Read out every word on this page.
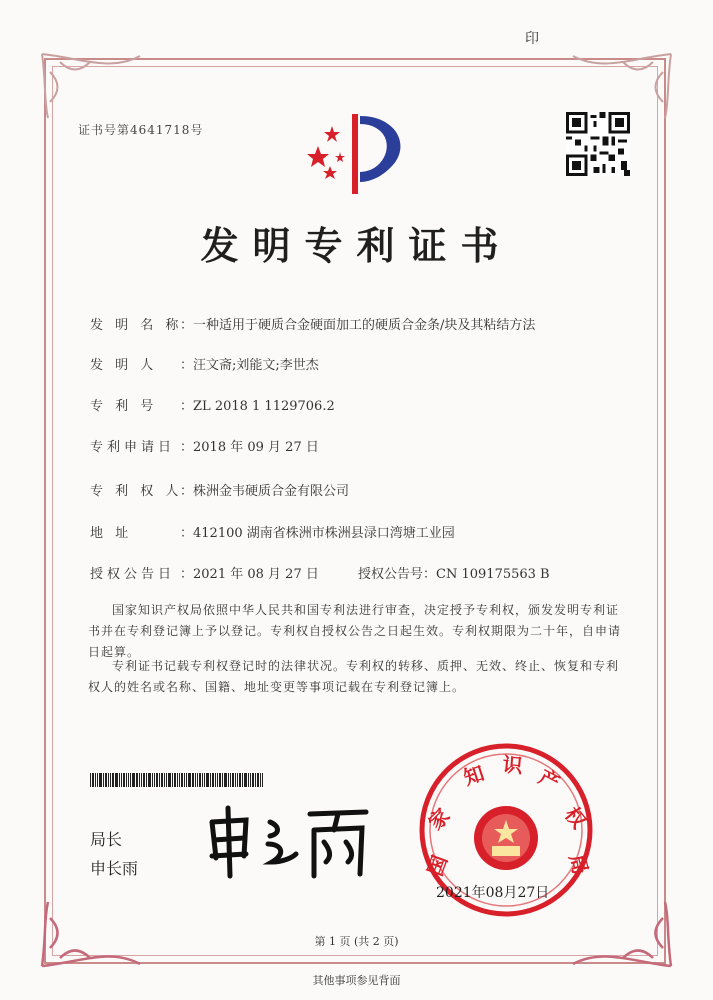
印
证书号第4641718号
发明专利证书
发 明 名 称：一种适用于硬质合金硬面加工的硬质合金条/块及其粘结方法
发 明 人 ：汪文斋;刘能文;李世杰
专 利 号 ：ZL 2018 1 1129706.2
专利申请日 ：2018 年 09 月 27 日
专 利 权 人：株洲金韦硬质合金有限公司
地 址	：412100 湖南省株洲市株洲县渌口湾塘工业园
授权公告日 ：2021 年 08 月 27 日	授权公告号：CN 109175563 B
国家知识产权局依照中华人民共和国专利法进行审查，决定授予专利权，颁发发明专利证书并在专利登记簿上予以登记。专利权自授权公告之日起生效。专利权期限为二十年，自申请日起算。
专利证书记载专利权登记时的法律状况。专利权的转移、质押、无效、终止、恢复和专利权人的姓名或名称、国籍、地址变更等事项记载在专利登记簿上。
局长
申长雨	国
家
知 识 产
权
局
2021年08月27日
第 1 页 (共 2 页)
其他事项参见背面
